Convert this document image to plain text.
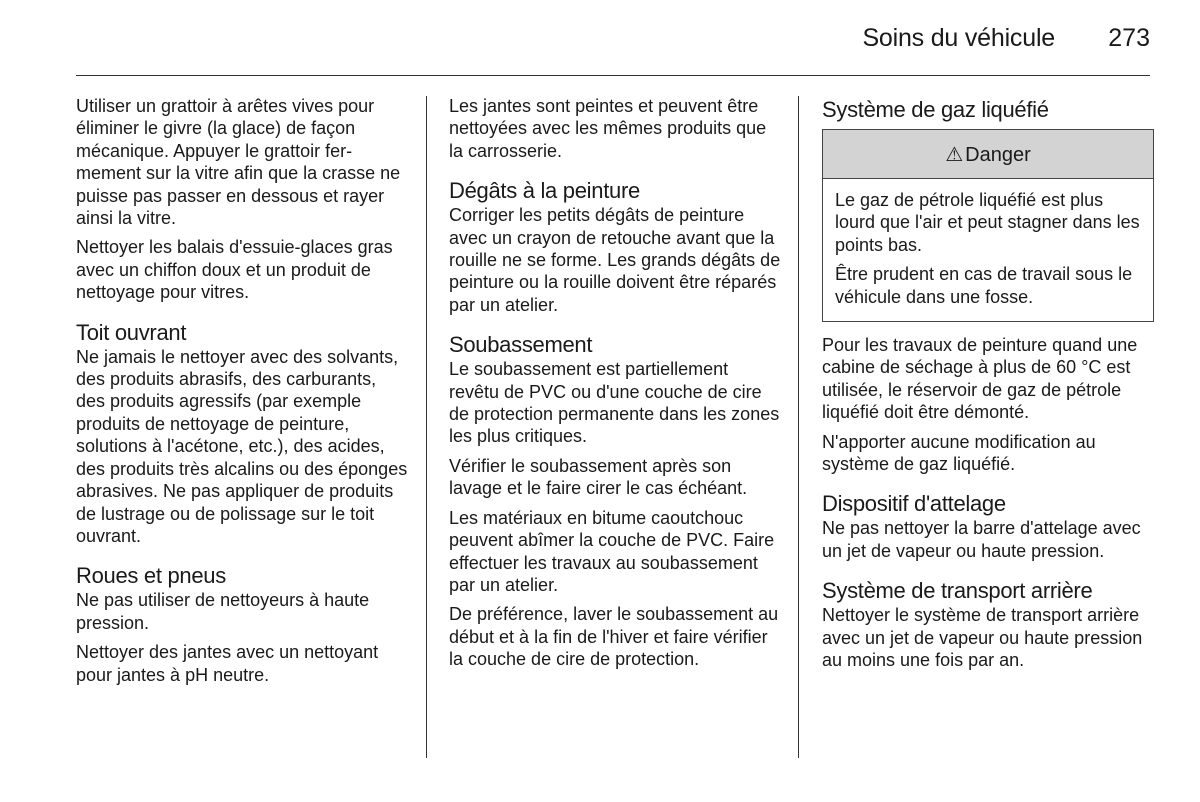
Soins du véhicule 273

Utiliser un grattoir à arêtes vives pour éliminer le givre (la glace) de façon mécanique. Appuyer le grattoir fermement sur la vitre afin que la crasse ne puisse pas passer en dessous et rayer ainsi la vitre.

Nettoyer les balais d'essuie-glaces gras avec un chiffon doux et un produit de nettoyage pour vitres.

Toit ouvrant

Ne jamais le nettoyer avec des solvants, des produits abrasifs, des carburants, des produits agressifs (par exemple produits de nettoyage de peinture, solutions à l'acétone, etc.), des acides, des produits très alcalins ou des éponges abrasives. Ne pas appliquer de produits de lustrage ou de polissage sur le toit ouvrant.

Roues et pneus

Ne pas utiliser de nettoyeurs à haute pression.

Nettoyer des jantes avec un nettoyant pour jantes à pH neutre.

Les jantes sont peintes et peuvent être nettoyées avec les mêmes produits que la carrosserie.

Dégâts à la peinture

Corriger les petits dégâts de peinture avec un crayon de retouche avant que la rouille ne se forme. Les grands dégâts de peinture ou la rouille doivent être réparés par un atelier.

Soubassement

Le soubassement est partiellement revêtu de PVC ou d'une couche de cire de protection permanente dans les zones les plus critiques.

Vérifier le soubassement après son lavage et le faire cirer le cas échéant.

Les matériaux en bitume caoutchouc peuvent abîmer la couche de PVC. Faire effectuer les travaux au soubassement par un atelier.

De préférence, laver le soubassement au début et à la fin de l'hiver et faire vérifier la couche de cire de protection.

Système de gaz liquéfié
⚠ Danger

Le gaz de pétrole liquéfié est plus lourd que l'air et peut stagner dans les points bas.

Être prudent en cas de travail sous le véhicule dans une fosse.

Pour les travaux de peinture quand une cabine de séchage à plus de 60 °C est utilisée, le réservoir de gaz de pétrole liquéfié doit être démonté.

N'apporter aucune modification au système de gaz liquéfié.

Dispositif d'attelage

Ne pas nettoyer la barre d'attelage avec un jet de vapeur ou haute pression.

Système de transport arrière

Nettoyer le système de transport arrière avec un jet de vapeur ou haute pression au moins une fois par an.
